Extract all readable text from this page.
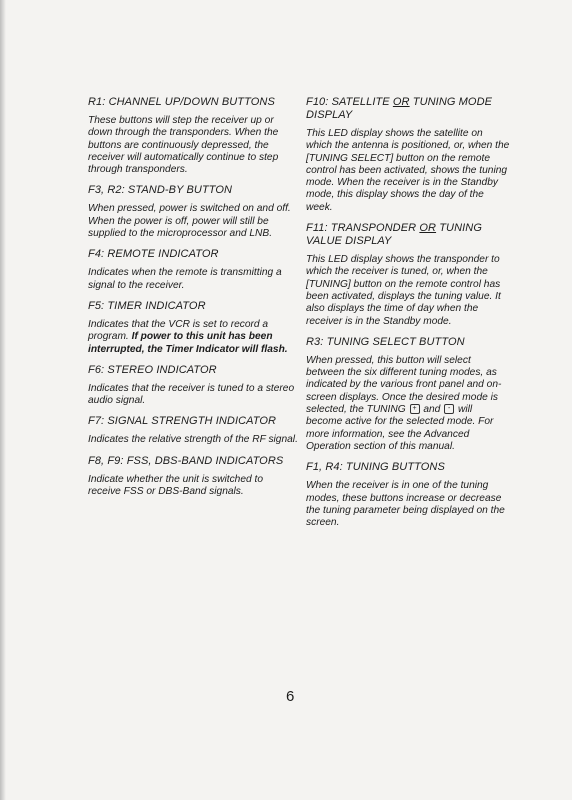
R1: CHANNEL UP/DOWN BUTTONS

These buttons will step the receiver up or down through the transponders. When the buttons are continuously depressed, the receiver will automatically continue to step through transponders.

F3, R2: STAND-BY BUTTON

When pressed, power is switched on and off. When the power is off, power will still be supplied to the microprocessor and LNB.

F4: REMOTE INDICATOR

Indicates when the remote is transmitting a signal to the receiver.

F5: TIMER INDICATOR

Indicates that the VCR is set to record a program. If power to this unit has been interrupted, the Timer Indicator will flash.

F6: STEREO INDICATOR

Indicates that the receiver is tuned to a stereo audio signal.

F7: SIGNAL STRENGTH INDICATOR

Indicates the relative strength of the RF signal.

F8, F9: FSS, DBS-BAND INDICATORS

Indicate whether the unit is switched to receive FSS or DBS-Band signals.

F10: SATELLITE OR TUNING MODE DISPLAY

This LED display shows the satellite on which the antenna is positioned, or, when the [TUNING SELECT] button on the remote control has been activated, shows the tuning mode. When the receiver is in the Standby mode, this display shows the day of the week.

F11: TRANSPONDER OR TUNING VALUE DISPLAY

This LED display shows the transponder to which the receiver is tuned, or, when the [TUNING] button on the remote control has been activated, displays the tuning value. It also displays the time of day when the receiver is in the Standby mode.

R3: TUNING SELECT BUTTON

When pressed, this button will select between the six different tuning modes, as indicated by the various front panel and on-screen displays. Once the desired mode is selected, the TUNING + and - will become active for the selected mode. For more information, see the Advanced Operation section of this manual.

F1, R4: TUNING BUTTONS

When the receiver is in one of the tuning modes, these buttons increase or decrease the tuning parameter being displayed on the screen.

6
